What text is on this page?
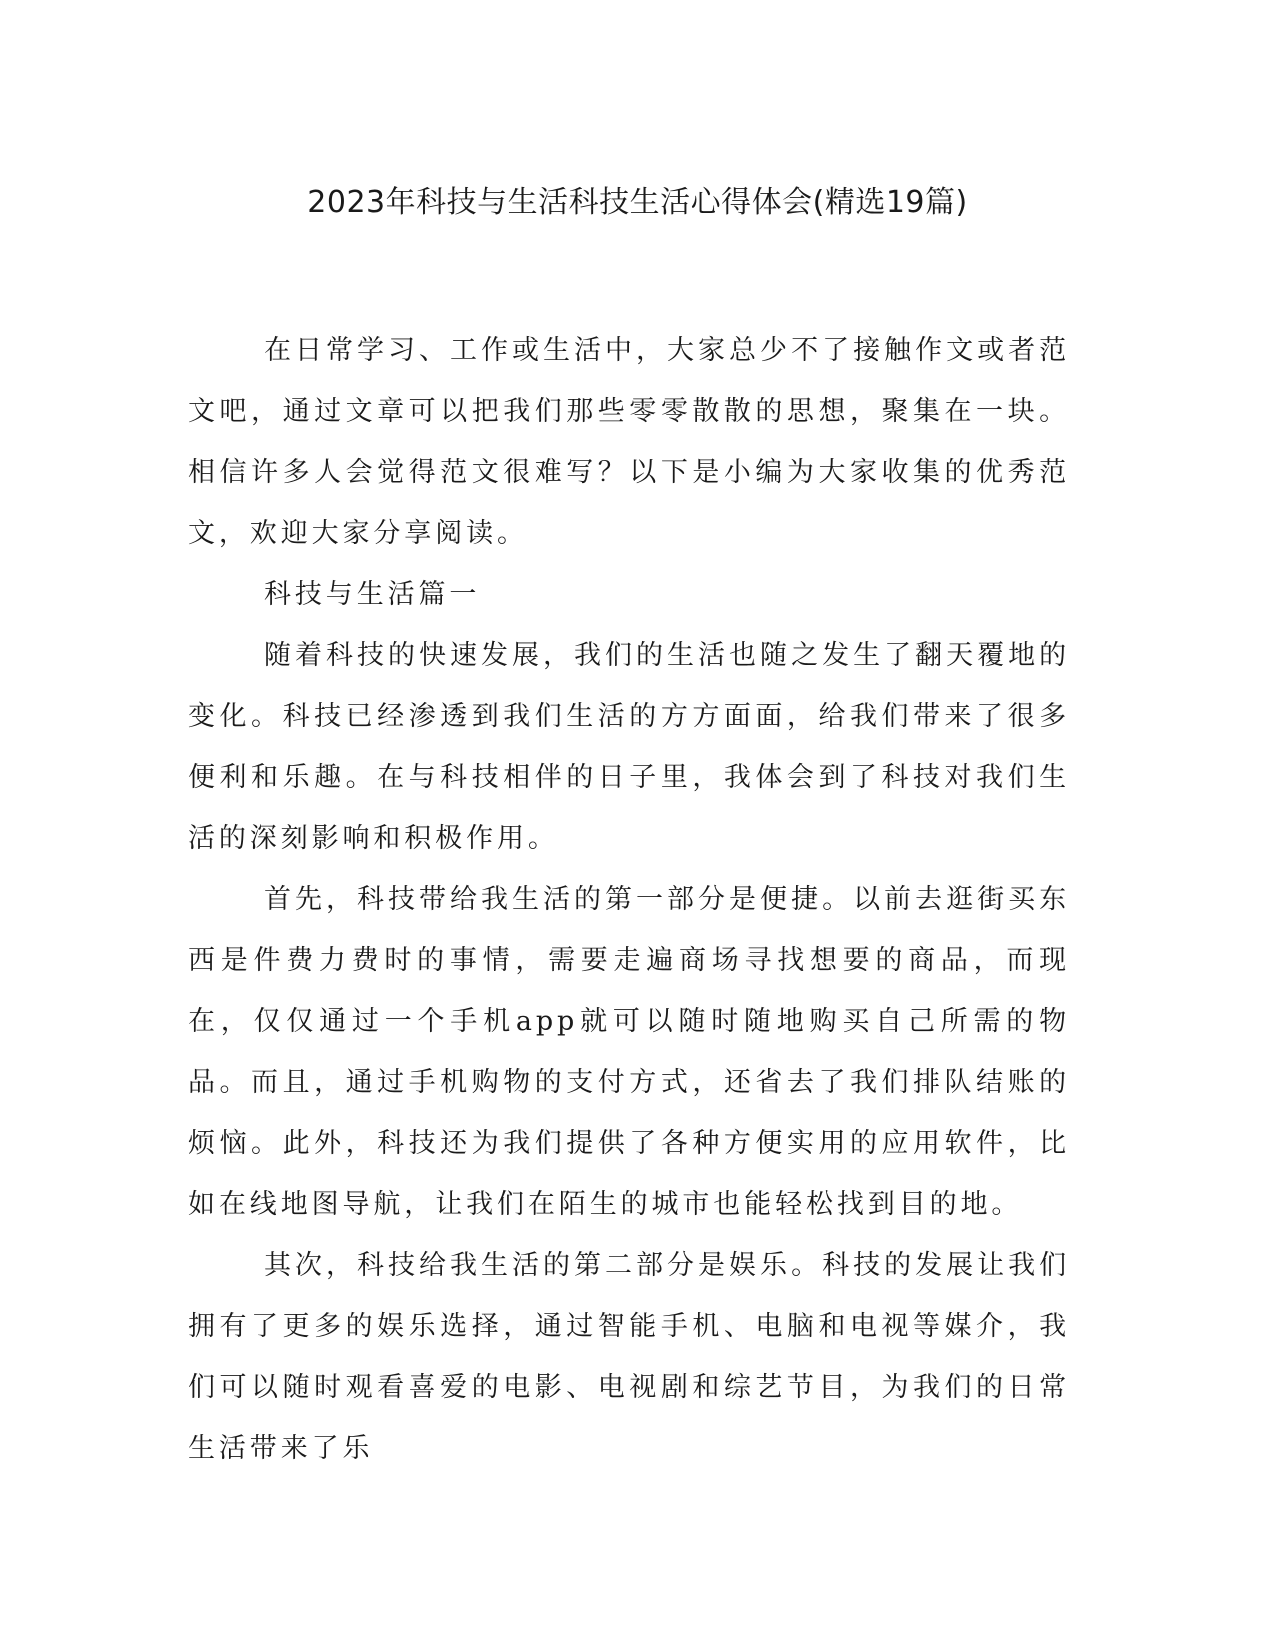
2023年科技与生活科技生活心得体会(精选19篇)

在日常学习、工作或生活中，大家总少不了接触作文或者范文吧，通过文章可以把我们那些零零散散的思想，聚集在一块。相信许多人会觉得范文很难写？以下是小编为大家收集的优秀范文，欢迎大家分享阅读。

科技与生活篇一

随着科技的快速发展，我们的生活也随之发生了翻天覆地的变化。科技已经渗透到我们生活的方方面面，给我们带来了很多便利和乐趣。在与科技相伴的日子里，我体会到了科技对我们生活的深刻影响和积极作用。

首先，科技带给我生活的第一部分是便捷。以前去逛街买东西是件费力费时的事情，需要走遍商场寻找想要的商品，而现在，仅仅通过一个手机app就可以随时随地购买自己所需的物品。而且，通过手机购物的支付方式，还省去了我们排队结账的烦恼。此外，科技还为我们提供了各种方便实用的应用软件，比如在线地图导航，让我们在陌生的城市也能轻松找到目的地。

其次，科技给我生活的第二部分是娱乐。科技的发展让我们拥有了更多的娱乐选择，通过智能手机、电脑和电视等媒介，我们可以随时观看喜爱的电影、电视剧和综艺节目，为我们的日常生活带来了乐
